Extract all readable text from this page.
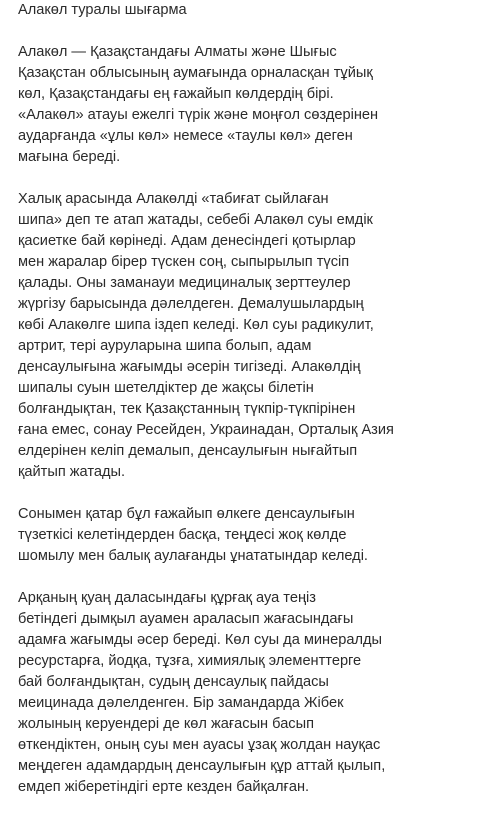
Алакөл туралы шығарма
Алакөл — Қазақстандағы Алматы және Шығыс
Қазақстан облысының аумағында орналасқан тұйық
көл, Қазақстандағы ең ғажайып көлдердің бірі.
«Алакөл» атауы ежелгі түрік және моңғол сөздерінен
аударғанда «ұлы көл» немесе «таулы көл» деген
мағына береді.
Халық арасында Алакөлді «табиғат сыйлаған
шипа» деп те атап жатады, себебі Алакөл суы емдік
қасиетке бай көрінеді. Адам денесіндегі қотырлар
мен жаралар бірер түскен соң, сыпырылып түсіп
қалады. Оны заманауи медициналық зерттеулер
жүргізу барысында дәлелдеген. Демалушылардың
көбі Алакөлге шипа іздеп келеді. Көл суы радикулит,
артрит, тері ауруларына шипа болып, адам
денсаулығына жағымды әсерін тигізеді. Алакөлдің
шипалы суын шетелдіктер де жақсы білетін
болғандықтан, тек Қазақстанның түкпір-түкпірінен
ғана емес, сонау Ресейден, Украинадан, Орталық Азия
елдерінен келіп демалып, денсаулығын нығайтып
қайтып жатады.
Сонымен қатар бұл ғажайып өлкеге денсаулығын
түзеткісі келетіндерден басқа, теңдесі жоқ көлде
шомылу мен балық аулағанды ұнататындар келеді.
Арқаның қуаң даласындағы құрғақ ауа теңіз
бетіндегі дымқыл ауамен араласып жағасындағы
адамға жағымды әсер береді. Көл суы да минералды
ресурстарға, йодқа, тұзға, химиялық элементтерге
бай болғандықтан, судың денсаулық пайдасы
меицинада дәлелденген. Бір замандарда Жібек
жолының керуендері де көл жағасын басып
өткендіктен, оның суы мен ауасы ұзақ жолдан науқас
меңдеген адамдардың денсаулығын құр аттай қылып,
емдеп жіберетіндігі ерте кезден байқалған.
